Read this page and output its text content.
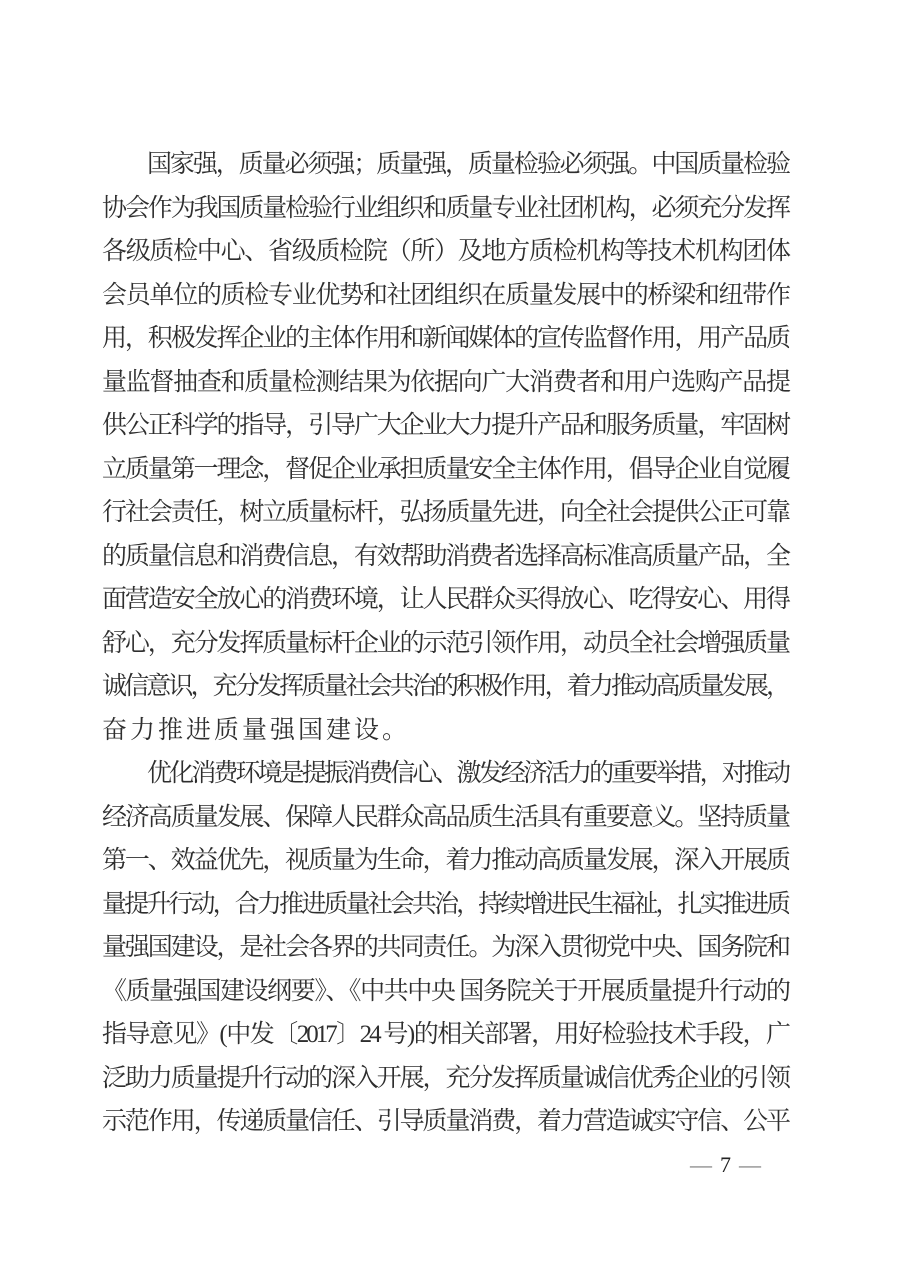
国家强，质量必须强；质量强，质量检验必须强。中国质量检验
协会作为我国质量检验行业组织和质量专业社团机构，必须充分发挥
各级质检中心、省级质检院（所）及地方质检机构等技术机构团体
会员单位的质检专业优势和社团组织在质量发展中的桥梁和纽带作
用，积极发挥企业的主体作用和新闻媒体的宣传监督作用，用产品质
量监督抽查和质量检测结果为依据向广大消费者和用户选购产品提
供公正科学的指导，引导广大企业大力提升产品和服务质量，牢固树
立质量第一理念，督促企业承担质量安全主体作用，倡导企业自觉履
行社会责任，树立质量标杆，弘扬质量先进，向全社会提供公正可靠
的质量信息和消费信息，有效帮助消费者选择高标准高质量产品，全
面营造安全放心的消费环境，让人民群众买得放心、吃得安心、用得
舒心，充分发挥质量标杆企业的示范引领作用，动员全社会增强质量
诚信意识，充分发挥质量社会共治的积极作用，着力推动高质量发展，
奋力推进质量强国建设。
优化消费环境是提振消费信心、激发经济活力的重要举措，对推动
经济高质量发展、保障人民群众高品质生活具有重要意义。坚持质量
第一、效益优先，视质量为生命，着力推动高质量发展，深入开展质
量提升行动，合力推进质量社会共治，持续增进民生福祉，扎实推进质
量强国建设，是社会各界的共同责任。为深入贯彻党中央、国务院和
《质量强国建设纲要》、《中共中央 国务院关于开展质量提升行动的
指导意见》(中发〔2017〕24 号)的相关部署，用好检验技术手段，广
泛助力质量提升行动的深入开展，充分发挥质量诚信优秀企业的引领
示范作用，传递质量信任、引导质量消费，着力营造诚实守信、公平
— 7 —
